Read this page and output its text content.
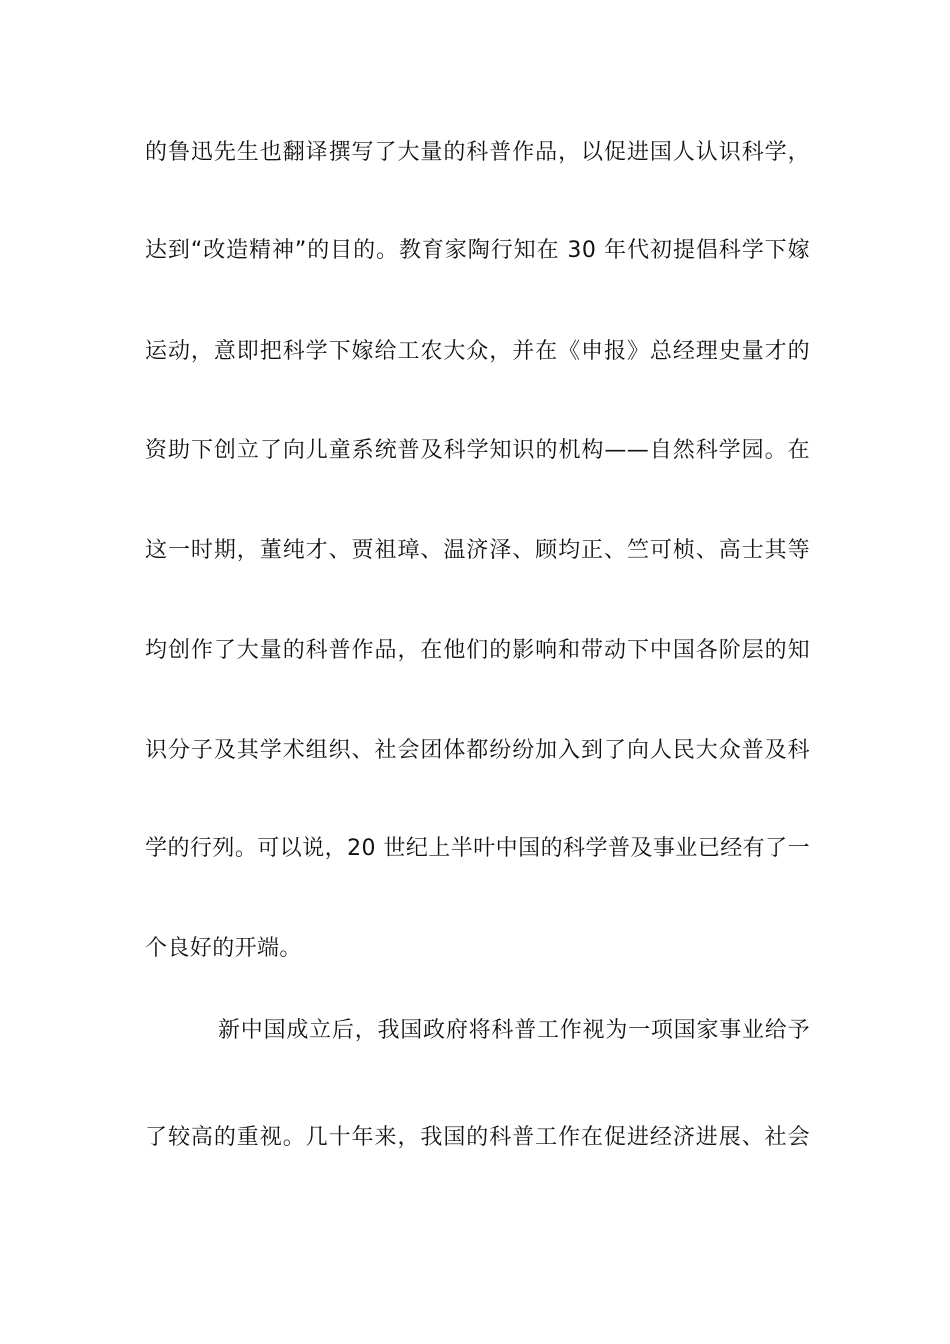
的鲁迅先生也翻译撰写了大量的科普作品，以促进国人认识科学，
达到“改造精神”的目的。教育家陶行知在 30 年代初提倡科学下嫁
运动，意即把科学下嫁给工农大众，并在《申报》总经理史量才的
资助下创立了向儿童系统普及科学知识的机构——自然科学园。在
这一时期，董纯才、贾祖璋、温济泽、顾均正、竺可桢、高士其等
均创作了大量的科普作品，在他们的影响和带动下中国各阶层的知
识分子及其学术组织、社会团体都纷纷加入到了向人民大众普及科
学的行列。可以说，20 世纪上半叶中国的科学普及事业已经有了一
个良好的开端。
新中国成立后，我国政府将科普工作视为一项国家事业给予
了较高的重视。几十年来，我国的科普工作在促进经济进展、社会
